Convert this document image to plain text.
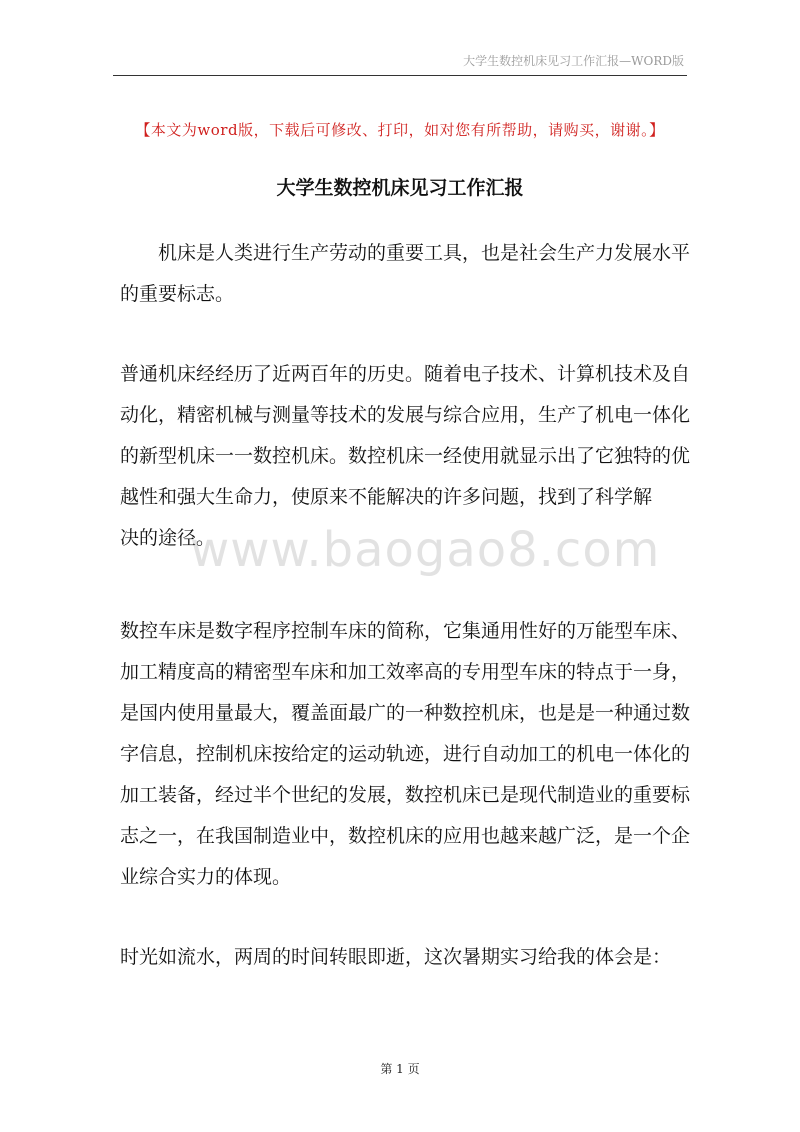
大学生数控机床见习工作汇报—WORD版
【本文为word版，下载后可修改、打印，如对您有所帮助，请购买，谢谢。】
大学生数控机床见习工作汇报
机床是人类进行生产劳动的重要工具，也是社会生产力发展水平
的重要标志。
普通机床经经历了近两百年的历史。随着电子技术、计算机技术及自
动化，精密机械与测量等技术的发展与综合应用，生产了机电一体化
的新型机床一一数控机床。数控机床一经使用就显示出了它独特的优
越性和强大生命力，使原来不能解决的许多问题，找到了科学解
决的途径。
www.baogao8.com
数控车床是数字程序控制车床的简称，它集通用性好的万能型车床、
加工精度高的精密型车床和加工效率高的专用型车床的特点于一身，
是国内使用量最大，覆盖面最广的一种数控机床，也是是一种通过数
字信息，控制机床按给定的运动轨迹，进行自动加工的机电一体化的
加工装备，经过半个世纪的发展，数控机床已是现代制造业的重要标
志之一，在我国制造业中，数控机床的应用也越来越广泛，是一个企
业综合实力的体现。
时光如流水，两周的时间转眼即逝，这次暑期实习给我的体会是：
第 1 页
